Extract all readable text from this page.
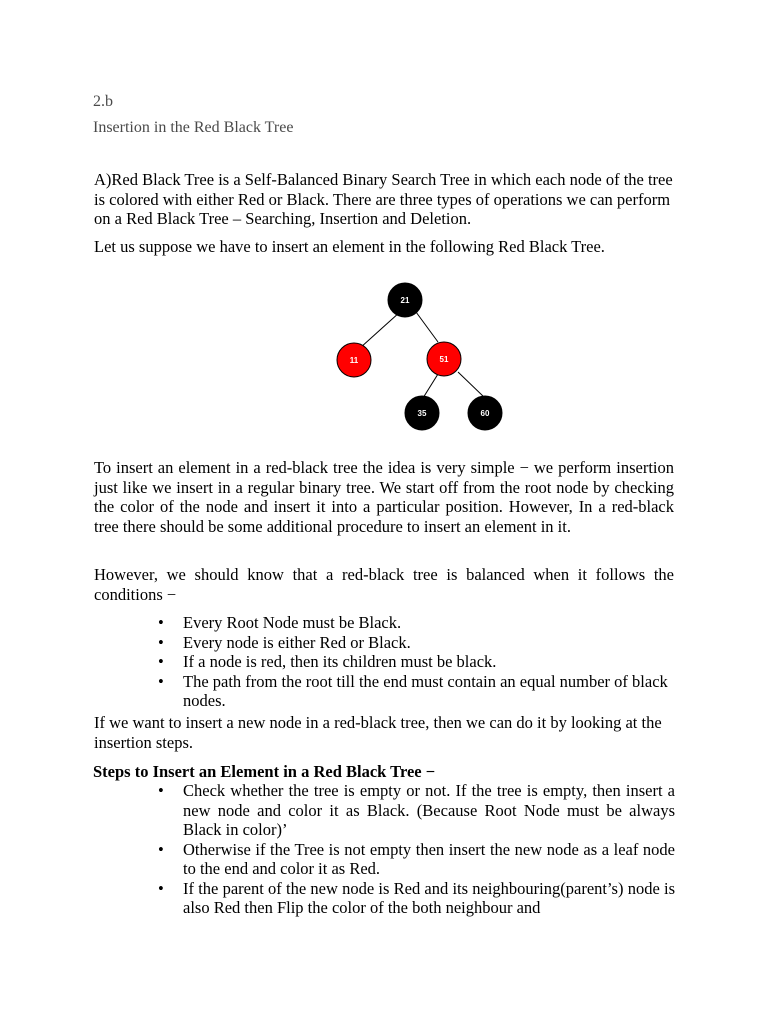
2.b
Insertion in the Red Black Tree

A)Red Black Tree is a Self-Balanced Binary Search Tree in which each node of the tree is colored with either Red or Black. There are three types of operations we can perform on a Red Black Tree – Searching, Insertion and Deletion.

Let us suppose we have to insert an element in the following Red Black Tree.

21
11	51
35	60

To insert an element in a red-black tree the idea is very simple − we perform insertion just like we insert in a regular binary tree. We start off from the root node by checking the color of the node and insert it into a particular position. However, In a red-black tree there should be some additional procedure to insert an element in it.

However, we should know that a red-black tree is balanced when it follows the conditions −

•	Every Root Node must be Black.
•	Every node is either Red or Black.
•	If a node is red, then its children must be black.
•	The path from the root till the end must contain an equal number of black nodes.

If we want to insert a new node in a red-black tree, then we can do it by looking at the insertion steps.

Steps to Insert an Element in a Red Black Tree −

•	Check whether the tree is empty or not. If the tree is empty, then insert a new node and color it as Black. (Because Root Node must be always Black in color)’
•	Otherwise if the Tree is not empty then insert the new node as a leaf node to the end and color it as Red.
•	If the parent of the new node is Red and its neighbouring(parent’s) node is also Red then Flip the color of the both neighbour and
